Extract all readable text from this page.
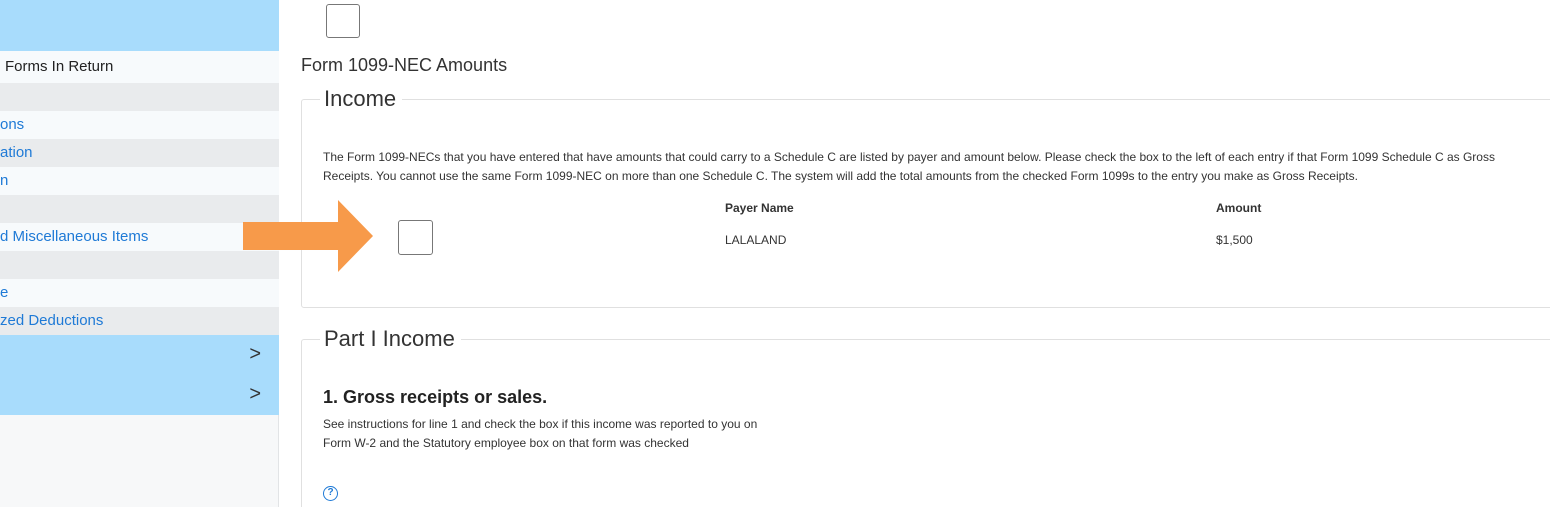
Forms In Return
ons
ation
n
d Miscellaneous Items
e
zed Deductions
>
>
Form 1099-NEC Amounts
Income
The Form 1099-NECs that you have entered that have amounts that could carry to a Schedule C are listed by payer and amount below. Please check the box to the left of each entry if that Form 1099 Schedule C as Gross Receipts. You cannot use the same Form 1099-NEC on more than one Schedule C. The system will add the total amounts from the checked Form 1099s to the entry you make as Gross Receipts.
Payer Name	Amount
LALALAND	$1,500
Part I Income
1. Gross receipts or sales.
See instructions for line 1 and check the box if this income was reported to you on
Form W-2 and the Statutory employee box on that form was checked
?
